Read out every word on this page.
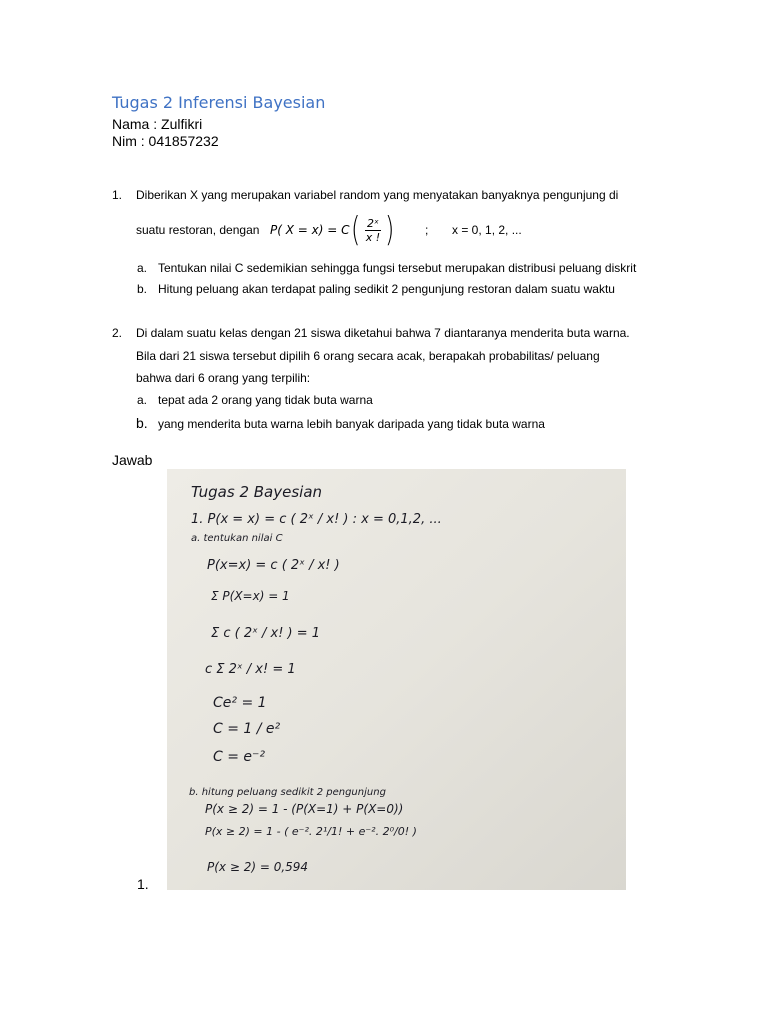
Tugas 2 Inferensi Bayesian
Nama : Zulfikri
Nim : 041857232
1. Diberikan X yang merupakan variabel random yang menyatakan banyaknya pengunjung di
suatu restoran, dengan P( X = x) = C ( $\frac{\text{2ˣ}}{x !}$ )	; x = 0, 1, 2, ...
a. Tentukan nilai C sedemikian sehingga fungsi tersebut merupakan distribusi peluang diskrit
b. Hitung peluang akan terdapat paling sedikit 2 pengunjung restoran dalam suatu waktu
2. Di dalam suatu kelas dengan 21 siswa diketahui bahwa 7 diantaranya menderita buta warna.
Bila dari 21 siswa tersebut dipilih 6 orang secara acak, berapakah probabilitas/ peluang
bahwa dari 6 orang yang terpilih:
a. tepat ada 2 orang yang tidak buta warna
b. yang menderita buta warna lebih banyak daripada yang tidak buta warna
Jawab
Tugas 2 Bayesian
1. P(x = x) = c ( 2ˣ / x! ) : x = 0,1,2, ...
a. tentukan nilai C
P(x=x) = c ( 2ˣ / x! )
Σ P(X=x) = 1
Σ c ( 2ˣ / x! ) = 1
c Σ 2ˣ / x! = 1
Ce² = 1
C = 1 / e²
C = e⁻²
b. hitung peluang sedikit 2 pengunjung
P(x ≥ 2) = 1 - (P(X=1) + P(X=0))
P(x ≥ 2) = 1 - ( e⁻². 2¹/1! + e⁻². 2⁰/0! )
P(x ≥ 2) = 0,594
1.
